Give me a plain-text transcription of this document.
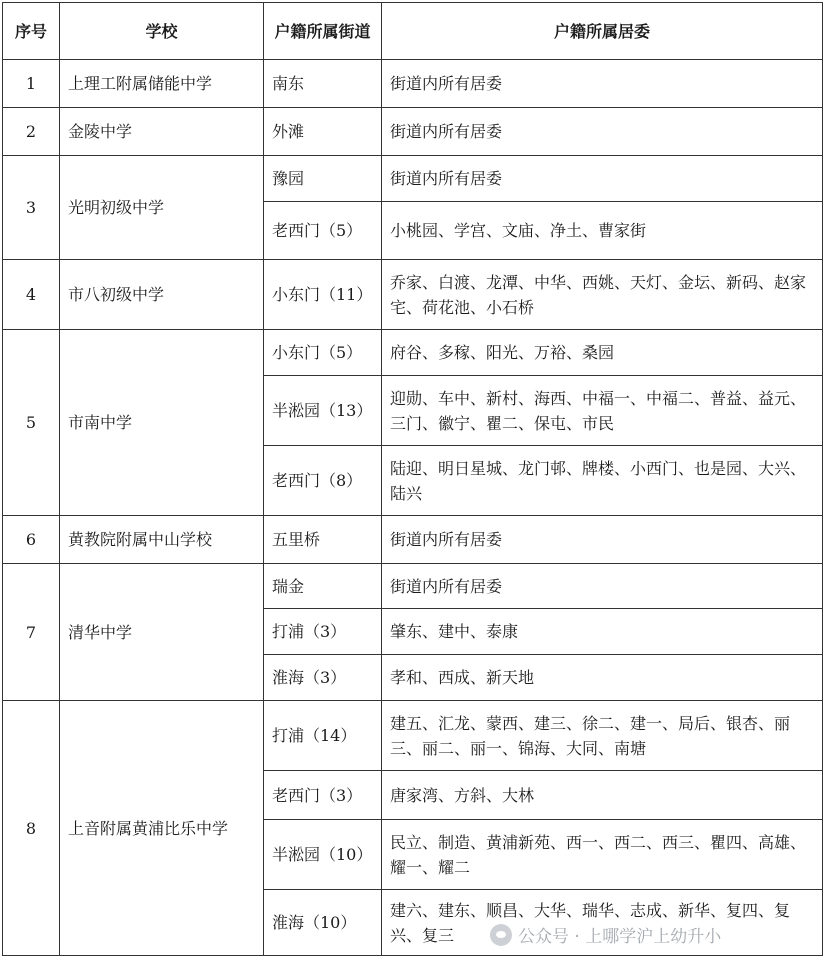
序号	学校	户籍所属街道	户籍所属居委
1	上理工附属储能中学	南东	街道内所有居委
2	金陵中学	外滩	街道内所有居委
3	光明初级中学	豫园	街道内所有居委
		老西门（5）	小桃园、学宫、文庙、净土、曹家街
4	市八初级中学	小东门（11）	乔家、白渡、龙潭、中华、西姚、天灯、金坛、新码、赵家宅、荷花池、小石桥
5	市南中学	小东门（5）	府谷、多稼、阳光、万裕、桑园
		半淞园（13）	迎勋、车中、新村、海西、中福一、中福二、普益、益元、三门、徽宁、瞿二、保屯、市民
		老西门（8）	陆迎、明日星城、龙门邨、牌楼、小西门、也是园、大兴、陆兴
6	黄教院附属中山学校	五里桥	街道内所有居委
7	清华中学	瑞金	街道内所有居委
		打浦（3）	肇东、建中、泰康
		淮海（3）	孝和、西成、新天地
8	上音附属黄浦比乐中学	打浦（14）	建五、汇龙、蒙西、建三、徐二、建一、局后、银杏、丽三、丽二、丽一、锦海、大同、南塘
		老西门（3）	唐家湾、方斜、大林
		半淞园（10）	民立、制造、黄浦新苑、西一、西二、西三、瞿四、高雄、耀一、耀二
		淮海（10）	建六、建东、顺昌、大华、瑞华、志成、新华、复四、复兴、复三	公众号 · 上哪学沪上幼升小
